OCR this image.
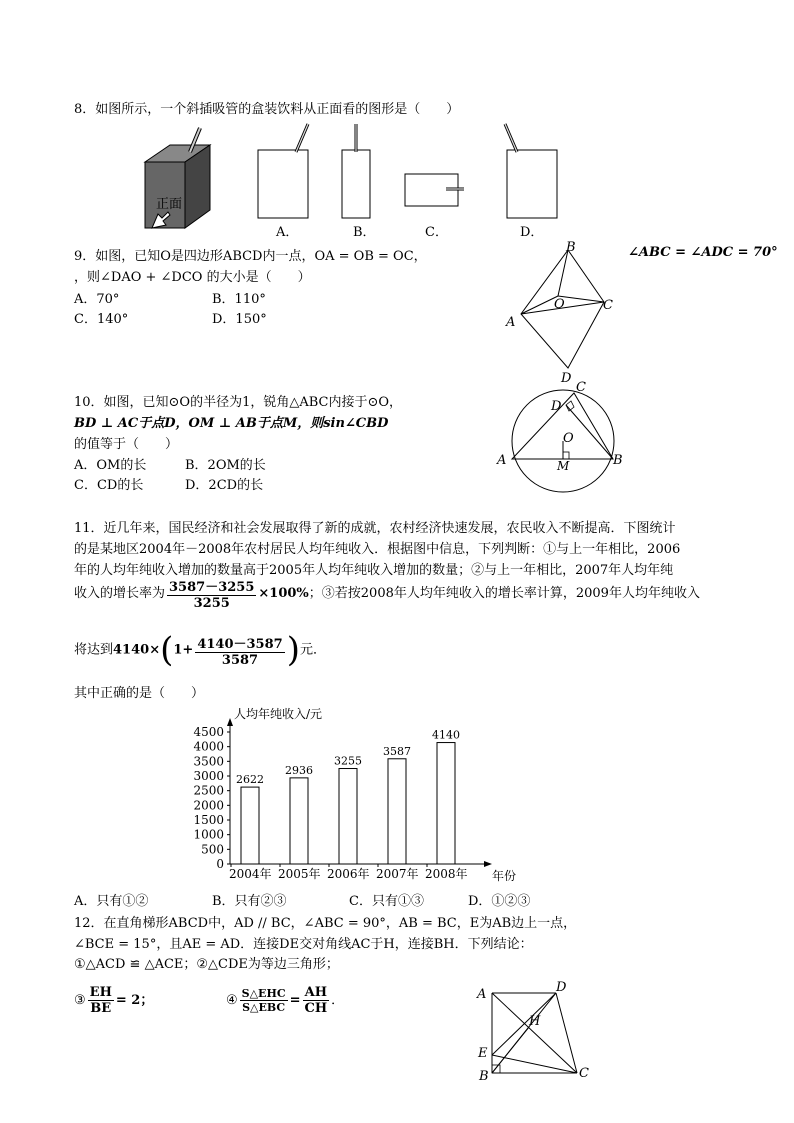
8．如图所示，一个斜插吸管的盒装饮料从正面看的图形是（　　）
正面
A．	B．	C．	D．
9．如图，已知O是四边形ABCD内一点，OA = OB = OC，	∠ABC = ∠ADC = 70°
，则∠DAO + ∠DCO 的大小是（　　）
A．70°	B．110°
C．140°	D．150°
B
C
A
D
O
10．如图，已知⊙O的半径为1，锐角△ABC内接于⊙O，
BD ⊥ AC于点D，OM ⊥ AB于点M，则sin∠CBD
的值等于（　　）
A．OM的长	B．2OM的长
C．CD的长	D．2CD的长
C
D
O
A	B
M
11．近几年来，国民经济和社会发展取得了新的成就，农村经济快速发展，农民收入不断提高．下图统计
的是某地区2004年－2008年农村居民人均年纯收入．根据图中信息，下列判断：①与上一年相比，2006
年的人均年纯收入增加的数量高于2005年人均年纯收入增加的数量；②与上一年相比，2007年人均年纯
收入的增长率为 $\frac{3587-3255}{3255} \times 100\%$；③若按2008年人均年纯收入的增长率计算，2009年人均年纯收入
将达到$4140\times(1+ \frac{4140-3587}{3587}$ )元．
其中正确的是（　　）
人均年纯收入/元
0
500
1000
1500
2000
2500
3000
3500
4000
4500
2622
2004年
2936
2005年
3255
2006年
3587
2007年
4140
2008年 年份
A．只有①②	B．只有②③	C．只有①③	D．①②③
12．在直角梯形ABCD中，AD // BC，∠ABC = 90°，AB = BC，E为AB边上一点，
∠BCE = 15°，且AE = AD．连接DE交对角线AC于H，连接BH．下列结论：
①△ACD ≌ △ACE；②△CDE为等边三角形；
③ $\frac{EH}{BE} = 2$；	④ $\frac{\text{S△EHC}}{\text{S△EBC}} = \frac{AH}{CH}$ ．	A	D
H
E
B	C
